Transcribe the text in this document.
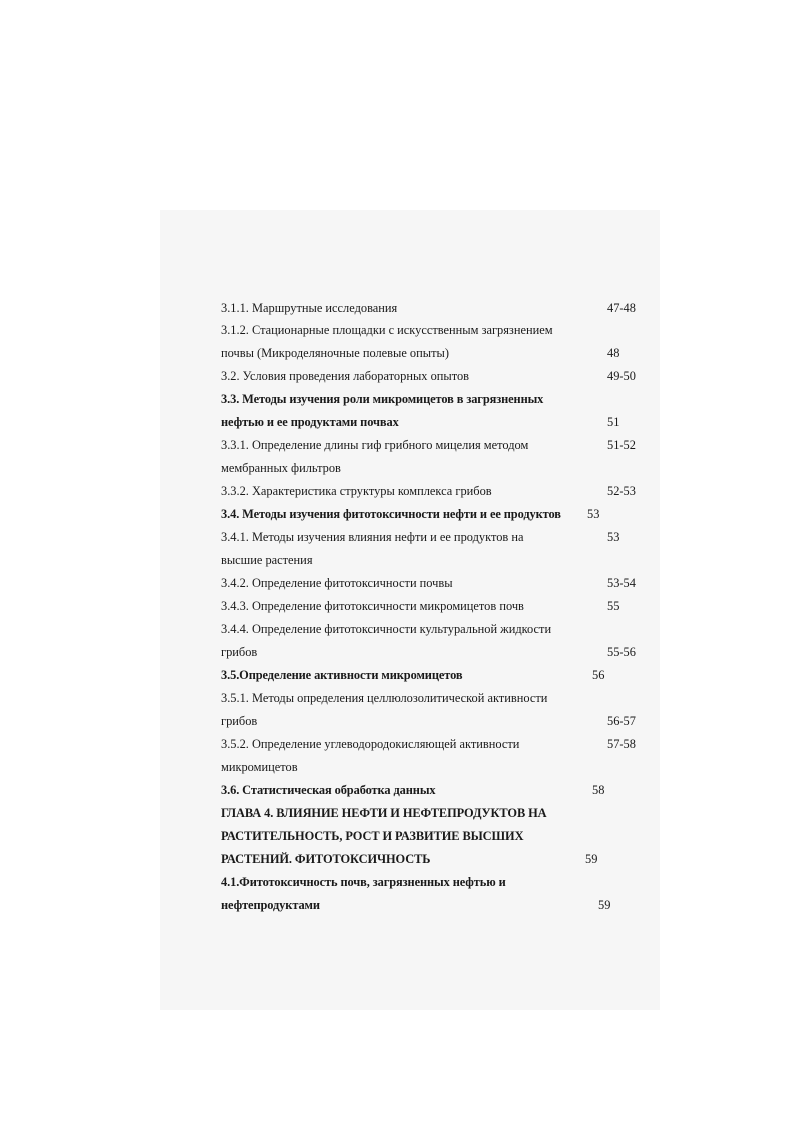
3.1.1. Маршрутные исследования	47-48
3.1.2. Стационарные площадки с искусственным загрязнением
почвы (Микроделяночные полевые опыты)	48
3.2. Условия проведения лабораторных опытов	49-50
3.3. Методы изучения роли микромицетов в загрязненных
нефтью и ее продуктами почвах	51
3.3.1. Определение длины гиф грибного мицелия методом	51-52
мембранных фильтров
3.3.2. Характеристика структуры комплекса грибов	52-53
3.4. Методы изучения фитотоксичности нефти и ее продуктов 53
3.4.1. Методы изучения влияния нефти и ее продуктов на	53
высшие растения
3.4.2. Определение фитотоксичности почвы	53-54
3.4.3. Определение фитотоксичности микромицетов почв	55
3.4.4. Определение фитотоксичности культуральной жидкости
грибов	55-56
3.5.Определение активности микромицетов	56
3.5.1. Методы определения целлюлозолитической активности
грибов	56-57
3.5.2. Определение углеводородокисляющей активности	57-58
микромицетов
3.6. Статистическая обработка данных	58
ГЛАВА 4. ВЛИЯНИЕ НЕФТИ И НЕФТЕПРОДУКТОВ НА
РАСТИТЕЛЬНОСТЬ, РОСТ И РАЗВИТИЕ ВЫСШИХ
РАСТЕНИЙ. ФИТОТОКСИЧНОСТЬ	59
4.1.Фитотоксичность почв, загрязненных нефтью и
нефтепродуктами	59
